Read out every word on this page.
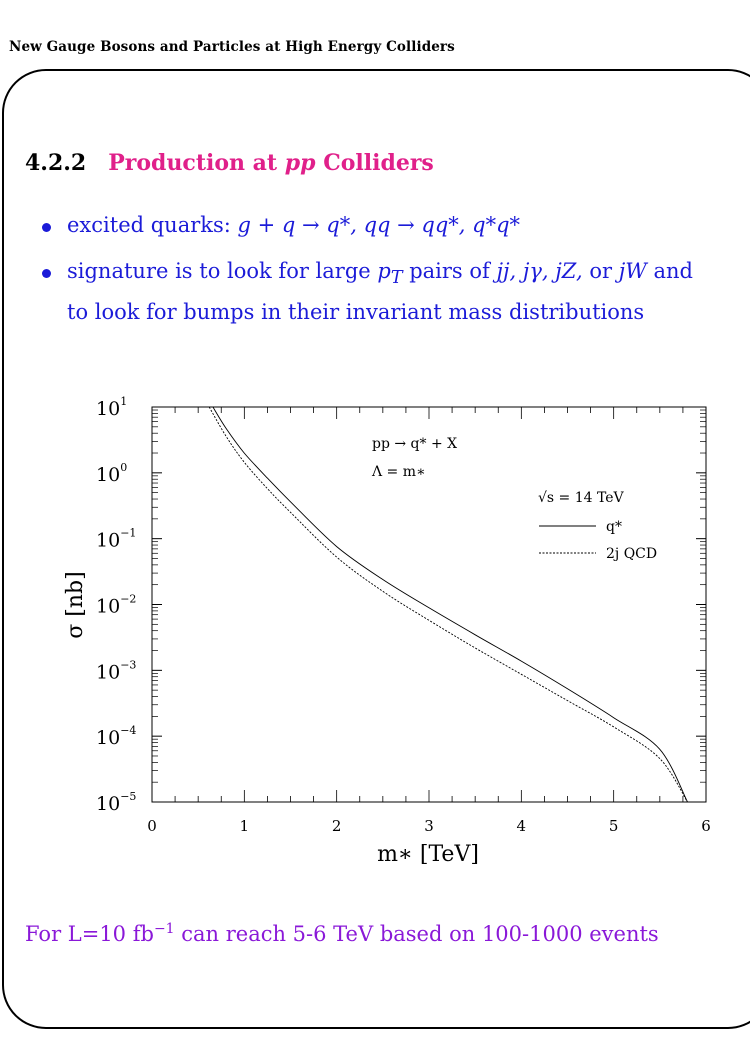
New Gauge Bosons and Particles at High Energy Colliders
4.2.2 Production at pp Colliders
excited quarks: g + q → q*, qq → qq*, q*q*
signature is to look for large $p_T$ pairs of jj, jγ, jZ, or jW and
to look for bumps in their invariant mass distributions
$10^1$
$10^0$
$10^{-1}$
$10^{-2}$
$10^{-3}$
$10^{-4}$
$10^{-5}$
0	1	2	3	4	5	6
pp → q* + X
Λ = m∗
√s = 14 TeV
q*
2j QCD
m∗ [TeV]
σ [nb]
For L=10 $fb^{-1}$ can reach 5-6 TeV based on 100-1000 events
